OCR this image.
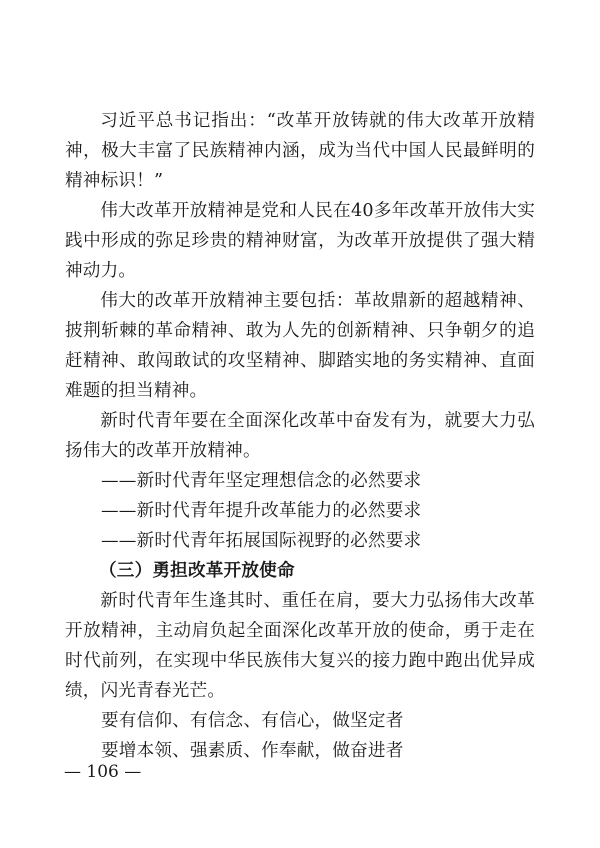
习近平总书记指出：“改革开放铸就的伟大改革开放精神，极大丰富了民族精神内涵，成为当代中国人民最鲜明的精神标识！”

伟大改革开放精神是党和人民在40多年改革开放伟大实践中形成的弥足珍贵的精神财富，为改革开放提供了强大精神动力。

伟大的改革开放精神主要包括：革故鼎新的超越精神、披荆斩棘的革命精神、敢为人先的创新精神、只争朝夕的追赶精神、敢闯敢试的攻坚精神、脚踏实地的务实精神、直面难题的担当精神。

新时代青年要在全面深化改革中奋发有为，就要大力弘扬伟大的改革开放精神。

——新时代青年坚定理想信念的必然要求

——新时代青年提升改革能力的必然要求

——新时代青年拓展国际视野的必然要求

（三）勇担改革开放使命

新时代青年生逢其时、重任在肩，要大力弘扬伟大改革开放精神，主动肩负起全面深化改革开放的使命，勇于走在时代前列，在实现中华民族伟大复兴的接力跑中跑出优异成绩，闪光青春光芒。

要有信仰、有信念、有信心，做坚定者

要增本领、强素质、作奉献，做奋进者

— 106 —
